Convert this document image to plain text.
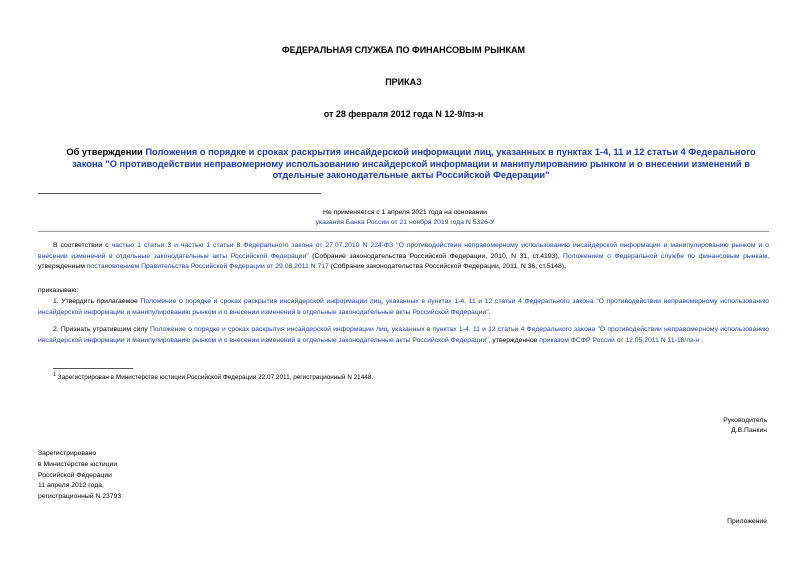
ФЕДЕРАЛЬНАЯ СЛУЖБА ПО ФИНАНСОВЫМ РЫНКАМ
ПРИКАЗ
от 28 февраля 2012 года N 12-9/пз-н
Об утверждении Положения о порядке и сроках раскрытия инсайдерской информации лиц, указанных в пунктах 1-4, 11 и 12 статьи 4 Федерального закона "О противодействии неправомерному использованию инсайдерской информации и манипулированию рынком и о внесении изменений в отдельные законодательные акты Российской Федерации"
Не применяется с 1 апреля 2021 года на основании
указания Банка России от 21 ноября 2019 года N 5326-У
В соответствии с частью 1 статьи 3 и частью 1 статьи 8 Федерального закона от 27.07.2010 N 224-ФЗ "О противодействии неправомерному использованию инсайдерской информации и манипулированию рынком и о внесении изменений в отдельные законодательные акты Российской Федерации" (Собрание законодательства Российской Федерации, 2010, N 31, ст.4193), Положением о Федеральной службе по финансовым рынкам, утвержденным постановлением Правительства Российской Федерации от 29.08.2011 N 717 (Собрание законодательства Российской Федерации, 2011, N 36, ст.5148),
приказываю:
1. Утвердить прилагаемое Положение о порядке и сроках раскрытия инсайдерской информации лиц, указанных в пунктах 1-4, 11 и 12 статьи 4 Федерального закона "О противодействии неправомерному использованию инсайдерской информации и манипулированию рынком и о внесении изменений в отдельные законодательные акты Российской Федерации".
2. Признать утратившим силу Положение о порядке и сроках раскрытия инсайдерской информации лиц, указанных в пунктах 1-4, 11 и 12 статьи 4 Федерального закона "О противодействии неправомерному использованию инсайдерской информации и манипулированию рынком и о внесении изменений в отдельные законодательные акты Российской Федерации", утвержденное приказом ФСФР России от 12.05.2011 N 11-18/пз-н .
$^1$ Зарегистрирован в Министерстве юстиции Российской Федерации 22.07.2011, регистрационный N 21448.
Руководитель
Д.В.Панкин
Зарегистрировано
в Министерстве юстиции
Российской Федерации
11 апреля 2012 года,
регистрационный N 23793
Приложение
